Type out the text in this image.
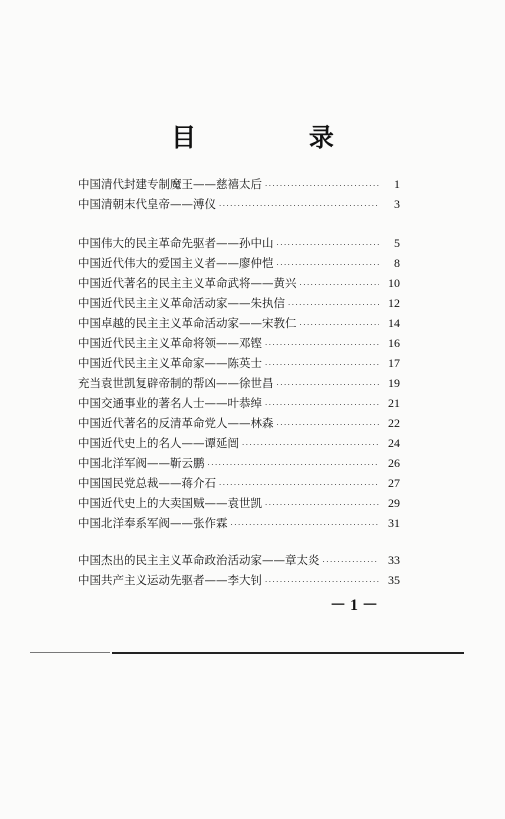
目 录
中国清代封建专制魔王——慈禧太后 ·····	1
中国清朝末代皇帝——溥仪 ·····	3
中国伟大的民主革命先驱者——孙中山 ·····	5
中国近代伟大的爱国主义者——廖仲恺 ·····	8
中国近代著名的民主主义革命武将——黄兴 ·····	10
中国近代民主主义革命活动家——朱执信 ·····	12
中国卓越的民主主义革命活动家——宋教仁 ·····	14
中国近代民主主义革命将领——邓铿 ·····	16
中国近代民主主义革命家——陈英士 ·····	17
充当袁世凯复辟帝制的帮凶——徐世昌 ·····	19
中国交通事业的著名人士——叶恭绰 ·····	21
中国近代著名的反清革命党人——林森 ·····	22
中国近代史上的名人——谭延闿 ·····	24
中国北洋军阀——靳云鹏 ·····	26
中国国民党总裁——蒋介石 ·····	27
中国近代史上的大卖国贼——袁世凯 ·····	29
中国北洋奉系军阀——张作霖 ·····	31
中国杰出的民主主义革命政治活动家——章太炎 ·····	33
中国共产主义运动先驱者——李大钊 ·····	35
－ 1 －
